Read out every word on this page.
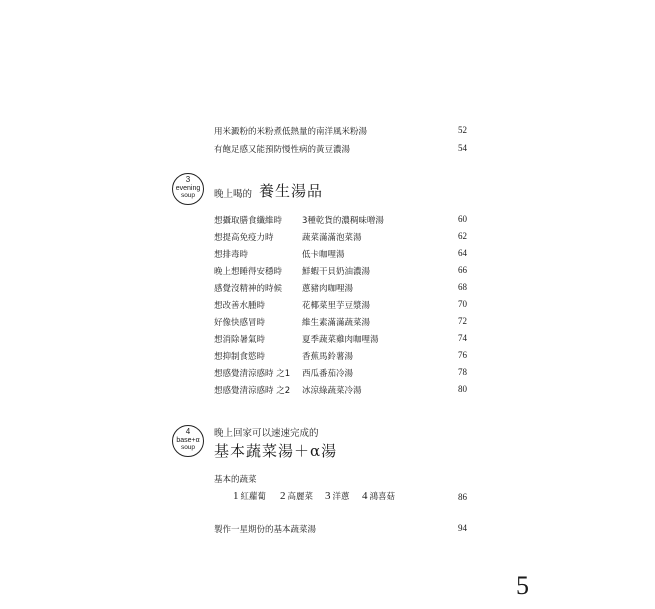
用米澱粉的米粉煮低熱量的南洋風米粉湯	52
有飽足感又能預防慢性病的黃豆濃湯	54
3
evening
soup	晚上喝的 養生湯品
想攝取膳食纖維時 3種乾貨的濃稠味噌湯	60
想提高免疫力時	蔬菜滿滿泡菜湯	62
想排毒時	低卡咖哩湯	64
晚上想睡得安穩時 鮮蝦干貝奶油濃湯	66
感覺沒精神的時候 蔥豬肉咖哩湯	68
想改善水腫時	花椰菜里芋豆漿湯	70
好像快感冒時	維生素滿滿蔬菜湯	72
想消除暑氣時	夏季蔬菜雞肉咖哩湯	74
想抑制食慾時	香蕉馬鈴薯湯	76
想感覺清涼感時 之1 西瓜番茄冷湯	78
想感覺清涼感時 之2 冰涼綠蔬菜冷湯	80
4
base+α
soup
晚上回家可以速速完成的
基本蔬菜湯＋α湯
基本的蔬菜
1 紅蘿蔔 2 高麗菜 3 洋蔥 4 鴻喜菇	86
製作一星期份的基本蔬菜湯	94
5
